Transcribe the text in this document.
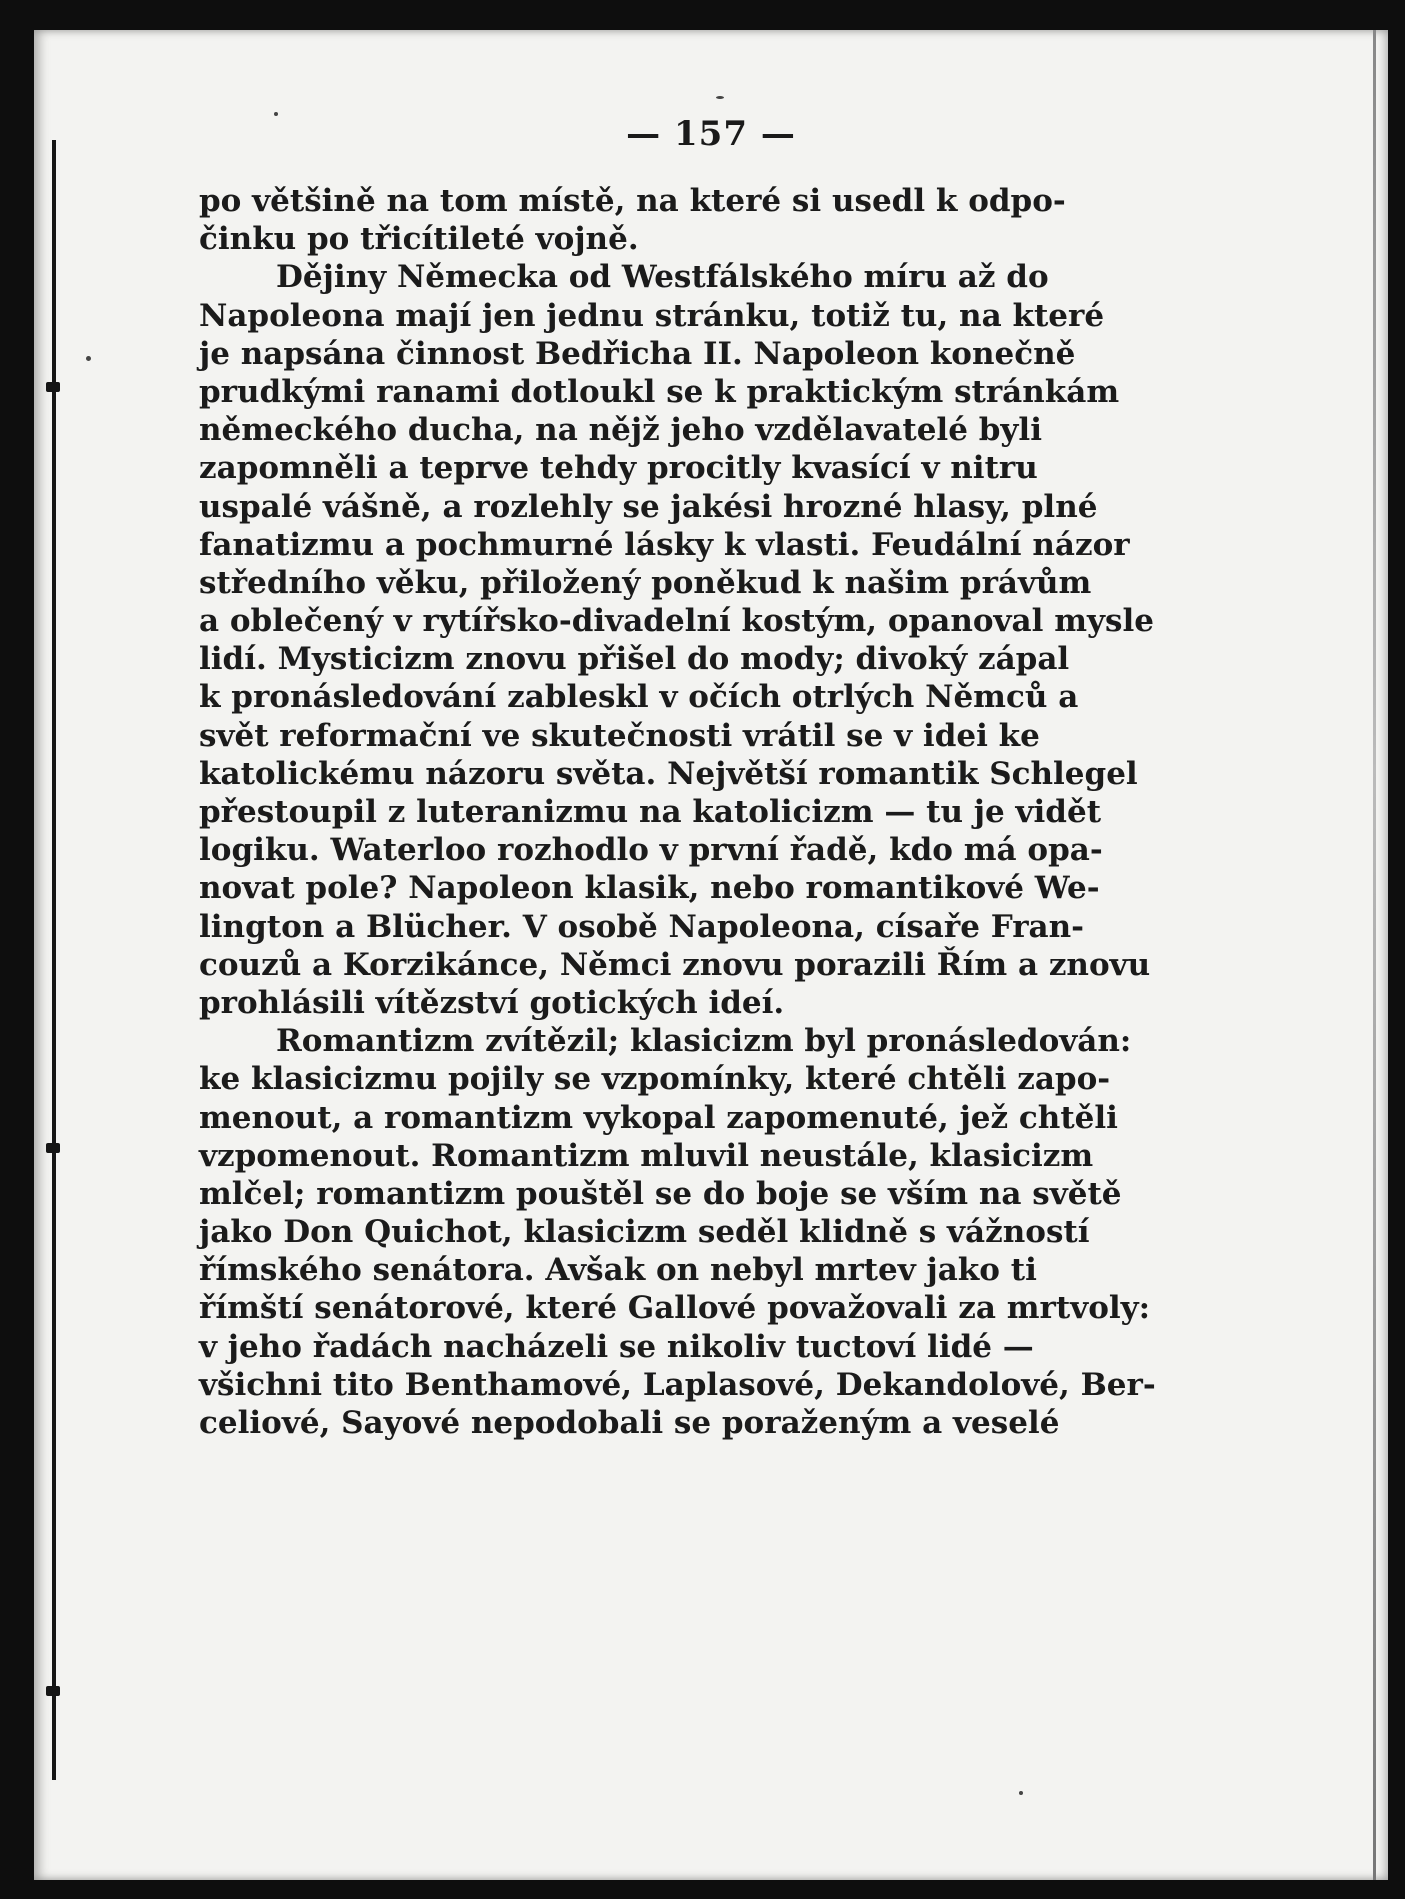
— 157 —
po většině na tom místě, na které si usedl k odpo-
činku po třicítileté vojně.
Dějiny Německa od Westfálského míru až do
Napoleona mají jen jednu stránku, totiž tu, na které
je napsána činnost Bedřicha II. Napoleon konečně
prudkými ranami dotloukl se k praktickým stránkám
německého ducha, na nějž jeho vzdělavatelé byli
zapomněli a teprve tehdy procitly kvasící v nitru
uspalé vášně, a rozlehly se jakési hrozné hlasy, plné
fanatizmu a pochmurné lásky k vlasti. Feudální názor
středního věku, přiložený poněkud k našim právům
a oblečený v rytířsko-divadelní kostým, opanoval mysle
lidí. Mysticizm znovu přišel do mody; divoký zápal
k pronásledování zablеskl v očích otrlých Němců a
svět reformační ve skutečnosti vrátil se v idei ke
katolickému názoru světa. Největší romantik Schlegel
přestoupil z luteranizmu na katolicizm — tu je vidět
logiku. Waterloo rozhodlo v první řadě, kdo má opa-
novat pole? Napoleon klasik, nebo romantikové We-
lington a Blücher. V osobě Napoleona, císaře Fran-
couzů a Korzikánce, Němci znovu porazili Řím a znovu
prohlásili vítězství gotických ideí.
Romantizm zvítězil; klasicizm byl pronásledován:
ke klasicizmu pojily se vzpomínky, které chtěli zapo-
menout, a romantizm vykopal zapomenuté, jež chtěli
vzpomenout. Romantizm mluvil neustále, klasicizm
mlčel; romantizm pouštěl se do boje se vším na světě
jako Don Quichot, klasicizm seděl klidně s vážností
římského senátora. Avšak on nebyl mrtev jako ti
římští senátorové, které Gallové považovali za mrtvoly:
v jeho řadách nacházeli se nikoliv tuctoví lidé —
všichni tito Benthamové, Laplasové, Dekandolové, Ber-
celiové, Sayové nepodobali se poraženým a veselé
